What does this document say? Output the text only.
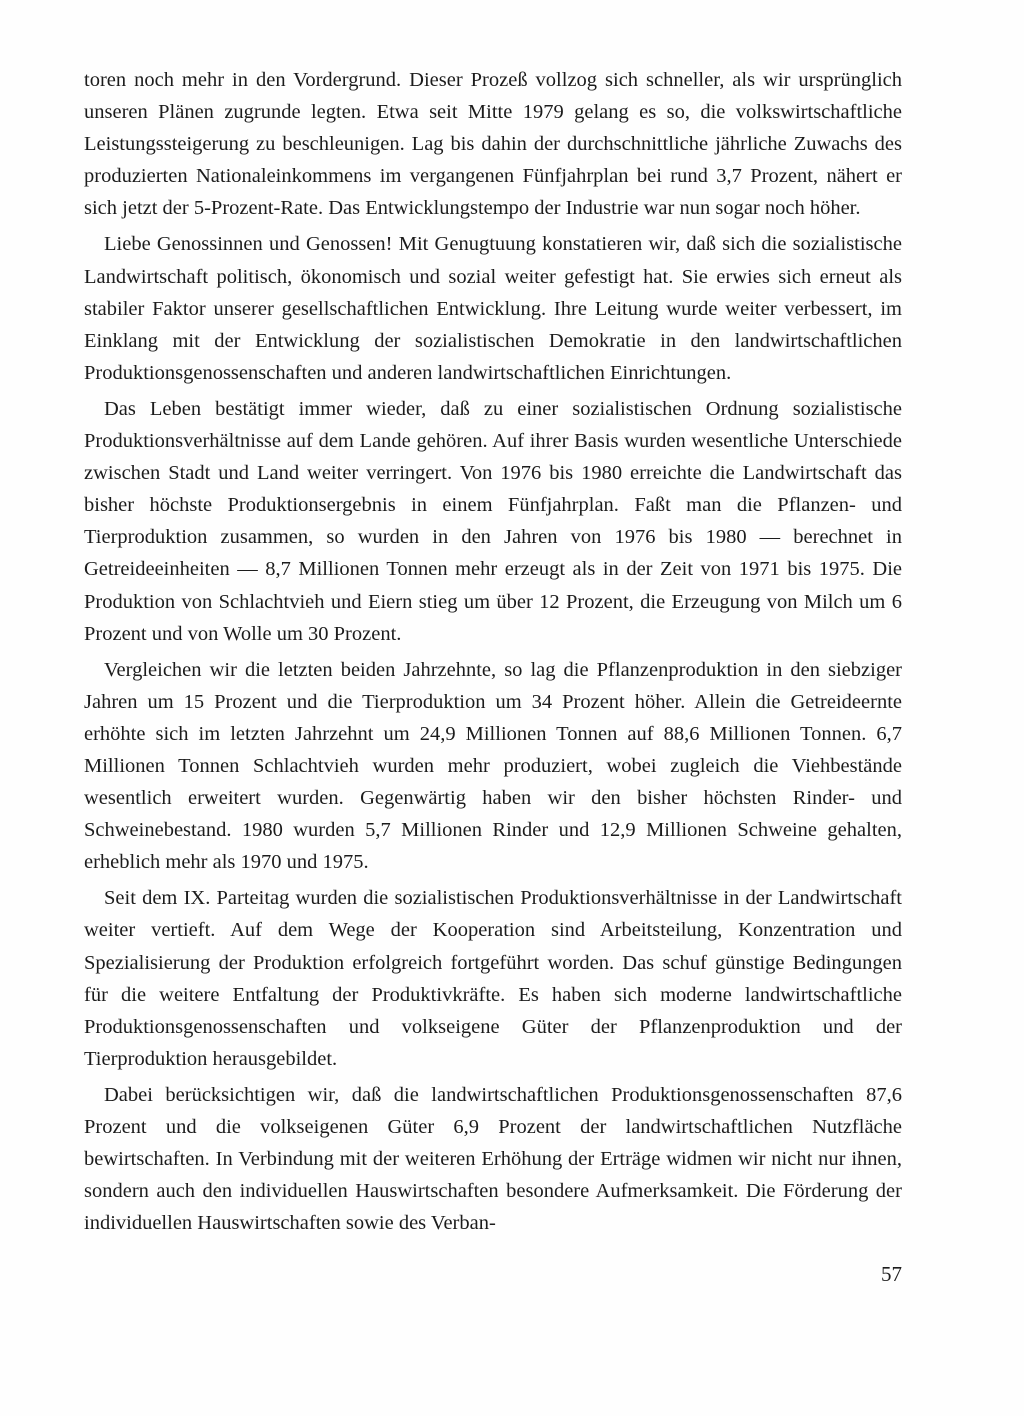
toren noch mehr in den Vordergrund. Dieser Prozeß vollzog sich schneller, als wir ursprünglich unseren Plänen zugrunde legten. Etwa seit Mitte 1979 gelang es so, die volkswirtschaftliche Leistungssteigerung zu beschleunigen. Lag bis dahin der durchschnittliche jährliche Zuwachs des produzierten Nationaleinkommens im vergangenen Fünfjahrplan bei rund 3,7 Prozent, nähert er sich jetzt der 5-Prozent-Rate. Das Entwicklungstempo der Industrie war nun sogar noch höher.

Liebe Genossinnen und Genossen! Mit Genugtuung konstatieren wir, daß sich die sozialistische Landwirtschaft politisch, ökonomisch und sozial weiter gefestigt hat. Sie erwies sich erneut als stabiler Faktor unserer gesellschaftlichen Entwicklung. Ihre Leitung wurde weiter verbessert, im Einklang mit der Entwicklung der sozialistischen Demokratie in den landwirtschaftlichen Produktionsgenossenschaften und anderen landwirtschaftlichen Einrichtungen.

Das Leben bestätigt immer wieder, daß zu einer sozialistischen Ordnung sozialistische Produktionsverhältnisse auf dem Lande gehören. Auf ihrer Basis wurden wesentliche Unterschiede zwischen Stadt und Land weiter verringert. Von 1976 bis 1980 erreichte die Landwirtschaft das bisher höchste Produktionsergebnis in einem Fünfjahrplan. Faßt man die Pflanzen- und Tierproduktion zusammen, so wurden in den Jahren von 1976 bis 1980 — berechnet in Getreideeinheiten — 8,7 Millionen Tonnen mehr erzeugt als in der Zeit von 1971 bis 1975. Die Produktion von Schlachtvieh und Eiern stieg um über 12 Prozent, die Erzeugung von Milch um 6 Prozent und von Wolle um 30 Prozent.

Vergleichen wir die letzten beiden Jahrzehnte, so lag die Pflanzenproduktion in den siebziger Jahren um 15 Prozent und die Tierproduktion um 34 Prozent höher. Allein die Getreideernte erhöhte sich im letzten Jahrzehnt um 24,9 Millionen Tonnen auf 88,6 Millionen Tonnen. 6,7 Millionen Tonnen Schlachtvieh wurden mehr produziert, wobei zugleich die Viehbestände wesentlich erweitert wurden. Gegenwärtig haben wir den bisher höchsten Rinder- und Schweinebestand. 1980 wurden 5,7 Millionen Rinder und 12,9 Millionen Schweine gehalten, erheblich mehr als 1970 und 1975.

Seit dem IX. Parteitag wurden die sozialistischen Produktionsverhältnisse in der Landwirtschaft weiter vertieft. Auf dem Wege der Kooperation sind Arbeitsteilung, Konzentration und Spezialisierung der Produktion erfolgreich fortgeführt worden. Das schuf günstige Bedingungen für die weitere Entfaltung der Produktivkräfte. Es haben sich moderne landwirtschaftliche Produktionsgenossenschaften und volkseigene Güter der Pflanzenproduktion und der Tierproduktion herausgebildet.

Dabei berücksichtigen wir, daß die landwirtschaftlichen Produktionsgenossenschaften 87,6 Prozent und die volkseigenen Güter 6,9 Prozent der landwirtschaftlichen Nutzfläche bewirtschaften. In Verbindung mit der weiteren Erhöhung der Erträge widmen wir nicht nur ihnen, sondern auch den individuellen Hauswirtschaften besondere Aufmerksamkeit. Die Förderung der individuellen Hauswirtschaften sowie des Verban-

57
